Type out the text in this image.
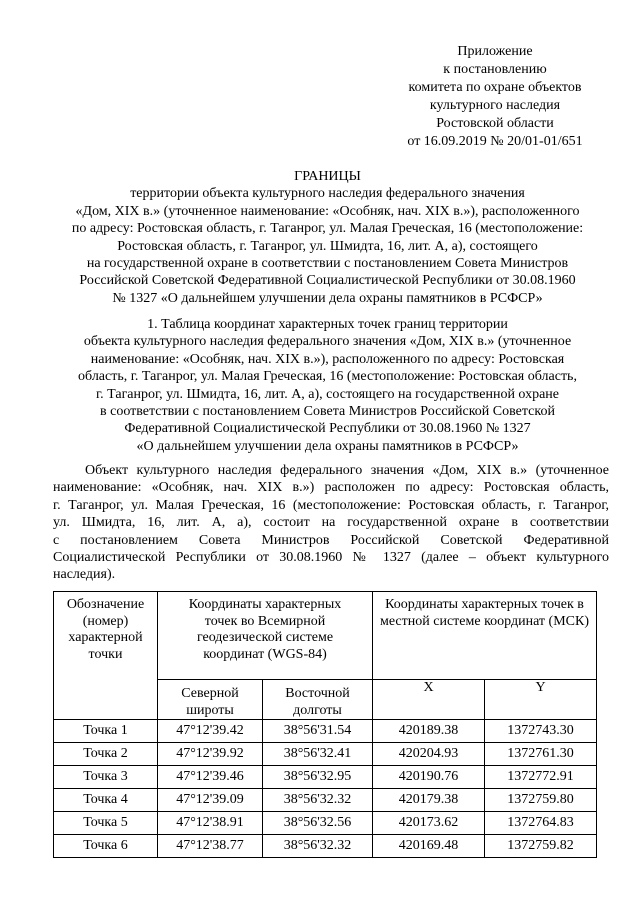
Приложение
к постановлению
комитета по охране объектов
культурного наследия
Ростовской области
от 16.09.2019 № 20/01-01/651
ГРАНИЦЫ
территории объекта культурного наследия федерального значения
«Дом, XIX в.» (уточненное наименование: «Особняк, нач. XIX в.»), расположенного
по адресу: Ростовская область, г. Таганрог, ул. Малая Греческая, 16 (местоположение:
Ростовская область, г. Таганрог, ул. Шмидта, 16, лит. А, а), состоящего
на государственной охране в соответствии с постановлением Совета Министров
Российской Советской Федеративной Социалистической Республики от 30.08.1960
№ 1327 «О дальнейшем улучшении дела охраны памятников в РСФСР»
1. Таблица координат характерных точек границ территории
объекта культурного наследия федерального значения «Дом, XIX в.» (уточненное
наименование: «Особняк, нач. XIX в.»), расположенного по адресу: Ростовская
область, г. Таганрог, ул. Малая Греческая, 16 (местоположение: Ростовская область,
г. Таганрог, ул. Шмидта, 16, лит. А, а), состоящего на государственной охране
в соответствии с постановлением Совета Министров Российской Советской
Федеративной Социалистической Республики от 30.08.1960 № 1327
«О дальнейшем улучшении дела охраны памятников в РСФСР»
Объект культурного наследия федерального значения «Дом, XIX в.» (уточненное
наименование: «Особняк, нач. XIX в.») расположен по адресу: Ростовская область,
г. Таганрог, ул. Малая Греческая, 16 (местоположение: Ростовская область, г. Таганрог,
ул. Шмидта, 16, лит. А, а), состоит на государственной охране в соответствии
с постановлением Совета Министров Российской Советской Федеративной
Социалистической Республики от 30.08.1960 № 1327 (далее – объект культурного
наследия).
Обозначение (номер) характерной точки	Координаты характерных точек во Всемирной геодезической системе координат (WGS-84)		Координаты характерных точек в местной системе координат (МСК)	
	Северной широты	Восточной долготы	X	Y
Точка 1	47°12'39.42	38°56'31.54	420189.38	1372743.30
Точка 2	47°12'39.92	38°56'32.41	420204.93	1372761.30
Точка 3	47°12'39.46	38°56'32.95	420190.76	1372772.91
Точка 4	47°12'39.09	38°56'32.32	420179.38	1372759.80
Точка 5	47°12'38.91	38°56'32.56	420173.62	1372764.83
Точка 6	47°12'38.77	38°56'32.32	420169.48	1372759.82
